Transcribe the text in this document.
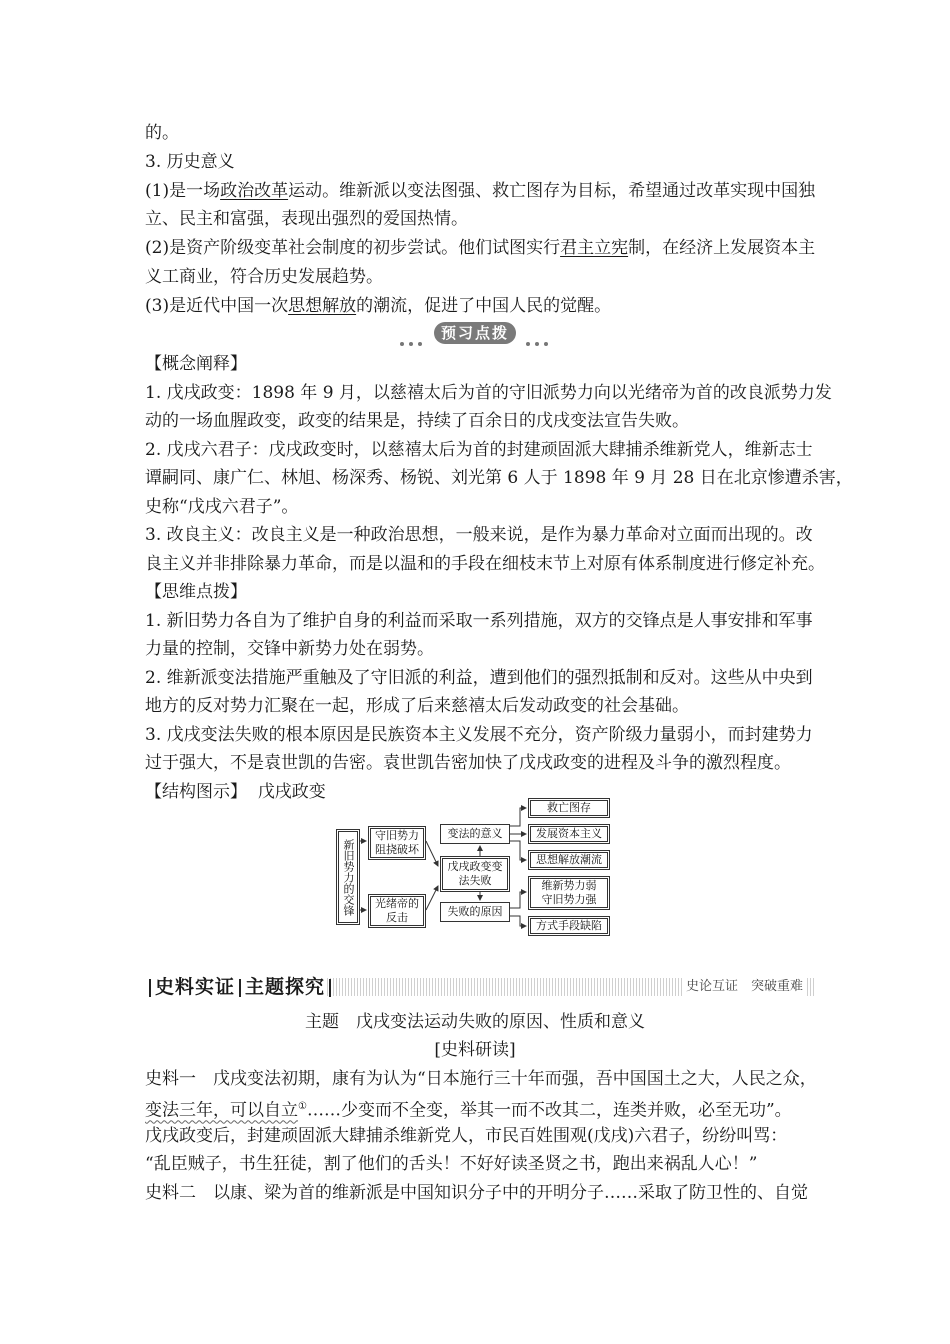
的。
3. 历史意义
(1)是一场政治改革运动。维新派以变法图强、救亡图存为目标，希望通过改革实现中国独
立、民主和富强，表现出强烈的爱国热情。
(2)是资产阶级变革社会制度的初步尝试。他们试图实行君主立宪制，在经济上发展资本主
义工商业，符合历史发展趋势。
(3)是近代中国一次思想解放的潮流，促进了中国人民的觉醒。
预习点拨
【概念阐释】
1. 戊戌政变：1898 年 9 月，以慈禧太后为首的守旧派势力向以光绪帝为首的改良派势力发
动的一场血腥政变，政变的结果是，持续了百余日的戊戌变法宣告失败。
2. 戊戌六君子：戊戌政变时，以慈禧太后为首的封建顽固派大肆捕杀维新党人，维新志士
谭嗣同、康广仁、林旭、杨深秀、杨锐、刘光第 6 人于 1898 年 9 月 28 日在北京惨遭杀害，
史称“戊戌六君子”。
3. 改良主义：改良主义是一种政治思想，一般来说，是作为暴力革命对立面而出现的。改
良主义并非排除暴力革命，而是以温和的手段在细枝末节上对原有体系制度进行修定补充。
【思维点拨】
1. 新旧势力各自为了维护自身的利益而采取一系列措施，双方的交锋点是人事安排和军事
力量的控制，交锋中新势力处在弱势。
2. 维新派变法措施严重触及了守旧派的利益，遭到他们的强烈抵制和反对。这些从中央到
地方的反对势力汇聚在一起，形成了后来慈禧太后发动政变的社会基础。
3. 戊戌变法失败的根本原因是民族资本主义发展不充分，资产阶级力量弱小，而封建势力
过于强大，不是袁世凯的告密。袁世凯告密加快了戊戌政变的进程及斗争的激烈程度。
【结构图示】 戊戌政变
新旧势力的交锋
守旧势力阻挠破坏
光绪帝的反击
戊戌政变变法失败
变法的意义
失败的原因
救亡图存
发展资本主义
思想解放潮流
维新势力弱
守旧势力强
方式手段缺陷
史料实证 主题探究	史论互证　突破重难
主题　戊戌变法运动失败的原因、性质和意义
[史料研读]
史料一　戊戌变法初期，康有为认为“日本施行三十年而强，吾中国国土之大，人民之众，
变法三年，可以自立①……少变而不全变，举其一而不改其二，连类并败，必至无功”。
戊戌政变后，封建顽固派大肆捕杀维新党人，市民百姓围观(戊戌)六君子，纷纷叫骂：
“乱臣贼子，书生狂徒，割了他们的舌头！不好好读圣贤之书，跑出来祸乱人心！”
史料二　以康、梁为首的维新派是中国知识分子中的开明分子……采取了防卫性的、自觉
